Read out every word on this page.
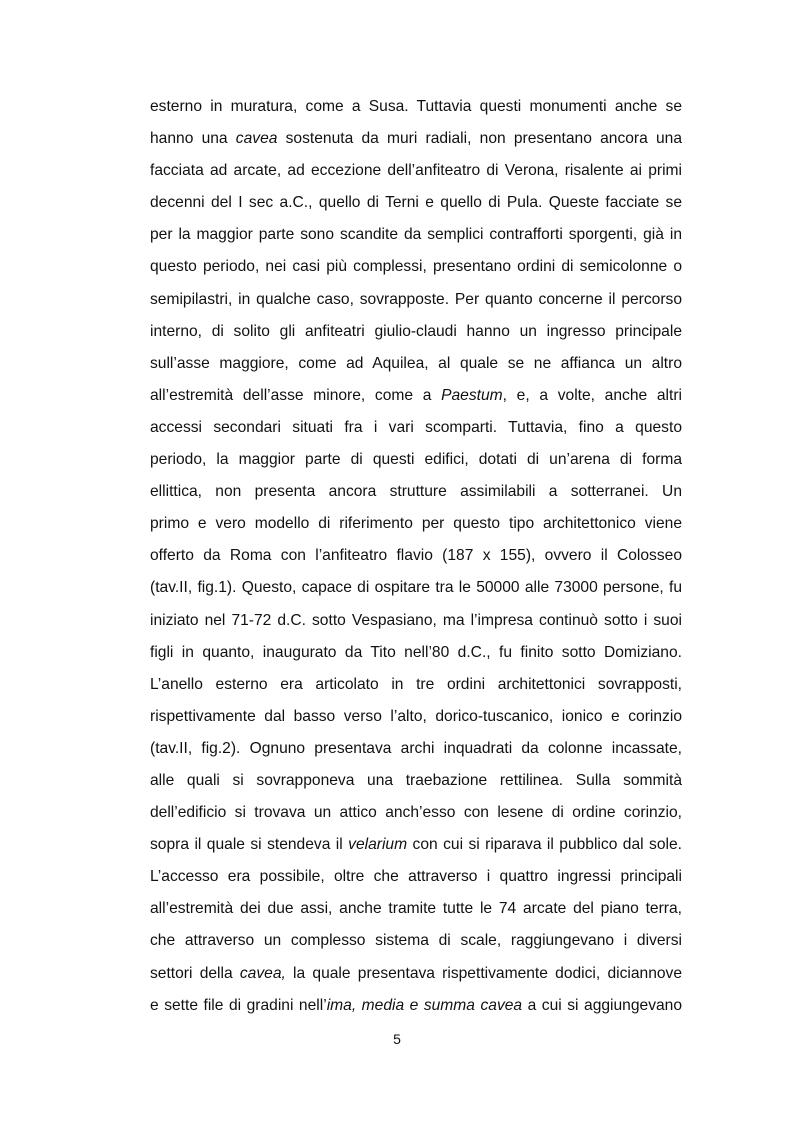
esterno in muratura, come a Susa. Tuttavia questi monumenti anche se
hanno una cavea sostenuta da muri radiali, non presentano ancora una
facciata ad arcate, ad eccezione dell’anfiteatro di Verona, risalente ai primi
decenni del I sec a.C., quello di Terni e quello di Pula. Queste facciate se
per la maggior parte sono scandite da semplici contrafforti sporgenti, già in
questo periodo, nei casi più complessi, presentano ordini di semicolonne o
semipilastri, in qualche caso, sovrapposte. Per quanto concerne il percorso
interno, di solito gli anfiteatri giulio-claudi hanno un ingresso principale
sull’asse maggiore, come ad Aquilea, al quale se ne affianca un altro
all’estremità dell’asse minore, come a Paestum, e, a volte, anche altri
accessi secondari situati fra i vari scomparti. Tuttavia, fino a questo
periodo, la maggior parte di questi edifici, dotati di un’arena di forma
ellittica, non presenta ancora strutture assimilabili a sotterranei. Un
primo e vero modello di riferimento per questo tipo architettonico viene
offerto da Roma con l’anfiteatro flavio (187 x 155), ovvero il Colosseo
(tav.II, fig.1). Questo, capace di ospitare tra le 50000 alle 73000 persone, fu
iniziato nel 71-72 d.C. sotto Vespasiano, ma l’impresa continuò sotto i suoi
figli in quanto, inaugurato da Tito nell’80 d.C., fu finito sotto Domiziano.
L’anello esterno era articolato in tre ordini architettonici sovrapposti,
rispettivamente dal basso verso l’alto, dorico-tuscanico, ionico e corinzio
(tav.II, fig.2). Ognuno presentava archi inquadrati da colonne incassate,
alle quali si sovrapponeva una traebazione rettilinea. Sulla sommità
dell’edificio si trovava un attico anch’esso con lesene di ordine corinzio,
sopra il quale si stendeva il velarium con cui si riparava il pubblico dal sole.
L’accesso era possibile, oltre che attraverso i quattro ingressi principali
all’estremità dei due assi, anche tramite tutte le 74 arcate del piano terra,
che attraverso un complesso sistema di scale, raggiungevano i diversi
settori della cavea, la quale presentava rispettivamente dodici, diciannove
e sette file di gradini nell’ima, media e summa cavea a cui si aggiungevano
5
